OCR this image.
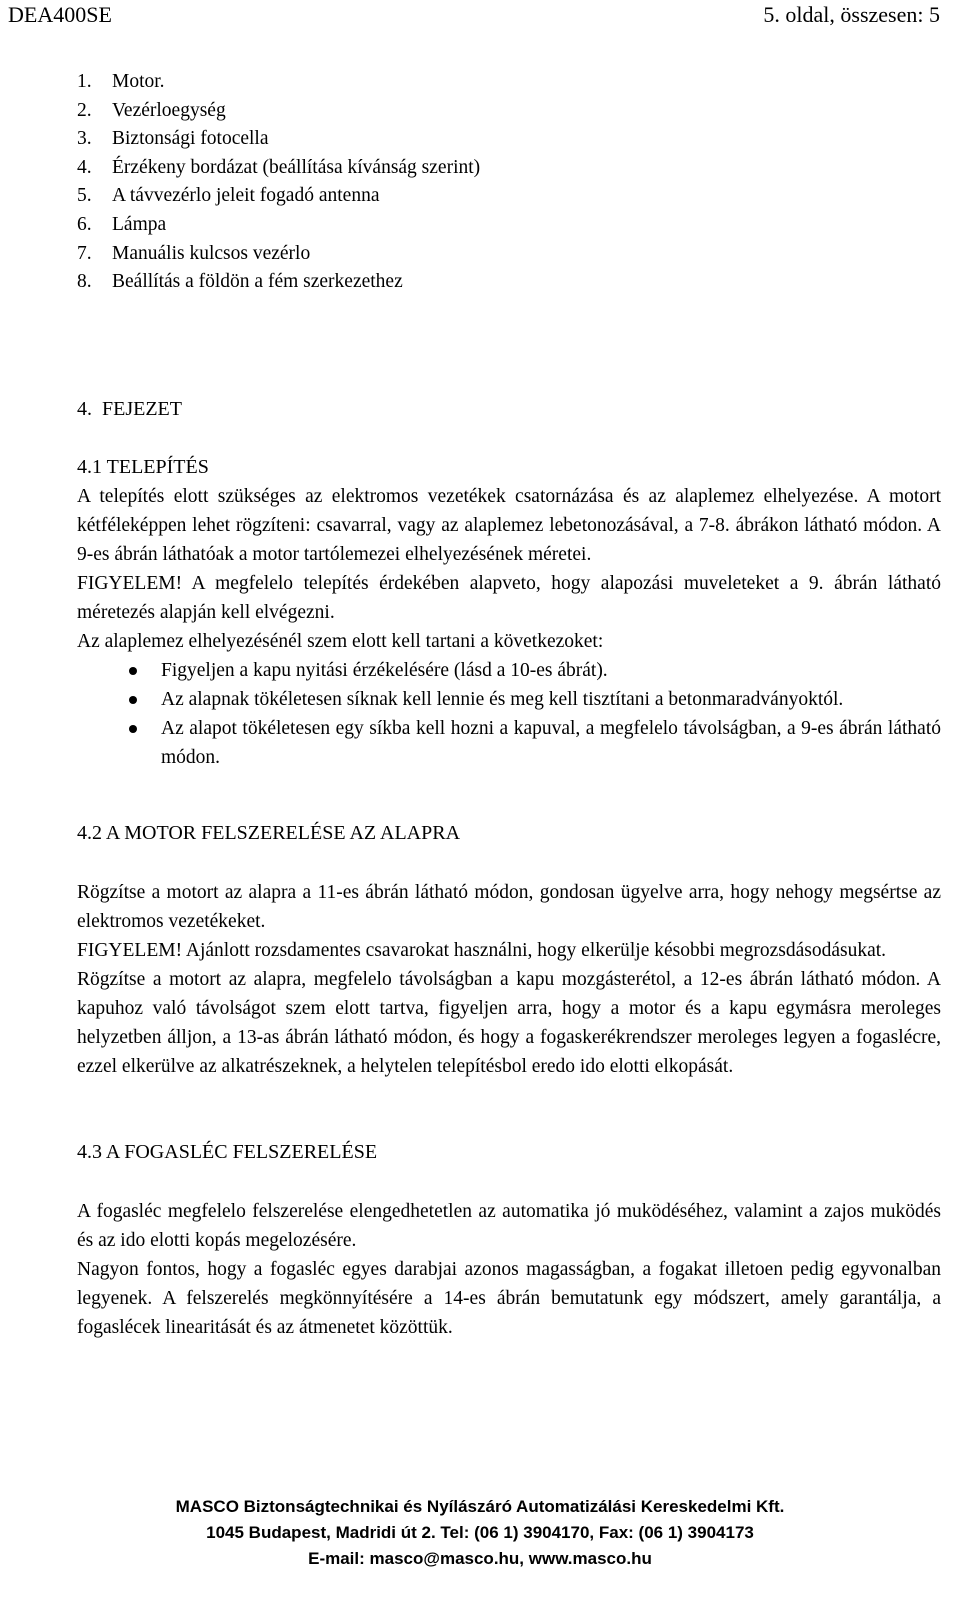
DEA400SE	5. oldal, összesen: 5
1.	Motor.
2.	Vezérloegység
3.	Biztonsági fotocella
4.	Érzékeny bordázat (beállítása kívánság szerint)
5.	A távvezérlo jeleit fogadó antenna
6.	Lámpa
7.	Manuális kulcsos vezérlo
8.	Beállítás a földön a fém szerkezethez
4.  FEJEZET
4.1 TELEPÍTÉS
A telepítés elott szükséges az elektromos vezetékek csatornázása és az alaplemez elhelyezése. A motort kétféleképpen lehet rögzíteni: csavarral, vagy az alaplemez lebetonozásával, a 7-8. ábrákon látható módon. A 9-es ábrán láthatóak a motor tartólemezei elhelyezésének méretei.
FIGYELEM! A megfelelo telepítés érdekében alapveto, hogy alapozási muveleteket a 9. ábrán látható méretezés alapján kell elvégezni.
Az alaplemez elhelyezésénél szem elott kell tartani a következoket:
Figyeljen a kapu nyitási érzékelésére (lásd a 10-es ábrát).
Az alapnak tökéletesen síknak kell lennie és meg kell tisztítani a betonmaradványoktól.
Az alapot tökéletesen egy síkba kell hozni a kapuval, a megfelelo távolságban, a 9-es ábrán látható módon.
4.2 A MOTOR FELSZERELÉSE AZ ALAPRA
Rögzítse a motort az alapra a 11-es ábrán látható módon, gondosan ügyelve arra, hogy nehogy megsértse az elektromos vezetékeket.
FIGYELEM! Ajánlott rozsdamentes csavarokat használni, hogy elkerülje késobbi megrozsdásodásukat.
Rögzítse a motort az alapra, megfelelo távolságban a kapu mozgásterétol, a 12-es ábrán látható módon. A kapuhoz való távolságot szem elott tartva, figyeljen arra, hogy a motor és a kapu egymásra meroleges helyzetben álljon, a 13-as ábrán látható módon, és hogy a fogaskerékrendszer meroleges legyen a fogaslécre, ezzel elkerülve az alkatrészeknek, a helytelen telepítésbol eredo ido elotti elkopását.
4.3 A FOGASLÉC FELSZERELÉSE
A fogasléc megfelelo felszerelése elengedhetetlen az automatika jó muködéséhez, valamint a zajos muködés és az ido elotti kopás megelozésére.
Nagyon fontos, hogy a fogasléc egyes darabjai azonos magasságban, a fogakat illetoen pedig egyvonalban legyenek. A felszerelés megkönnyítésére a 14-es ábrán bemutatunk egy módszert, amely garantálja, a fogaslécek linearitását és az átmenetet közöttük.
MASCO Biztonságtechnikai és Nyílászáró Automatizálási Kereskedelmi Kft.
1045 Budapest, Madridi út 2. Tel: (06 1) 3904170, Fax: (06 1) 3904173
E-mail: masco@masco.hu, www.masco.hu
